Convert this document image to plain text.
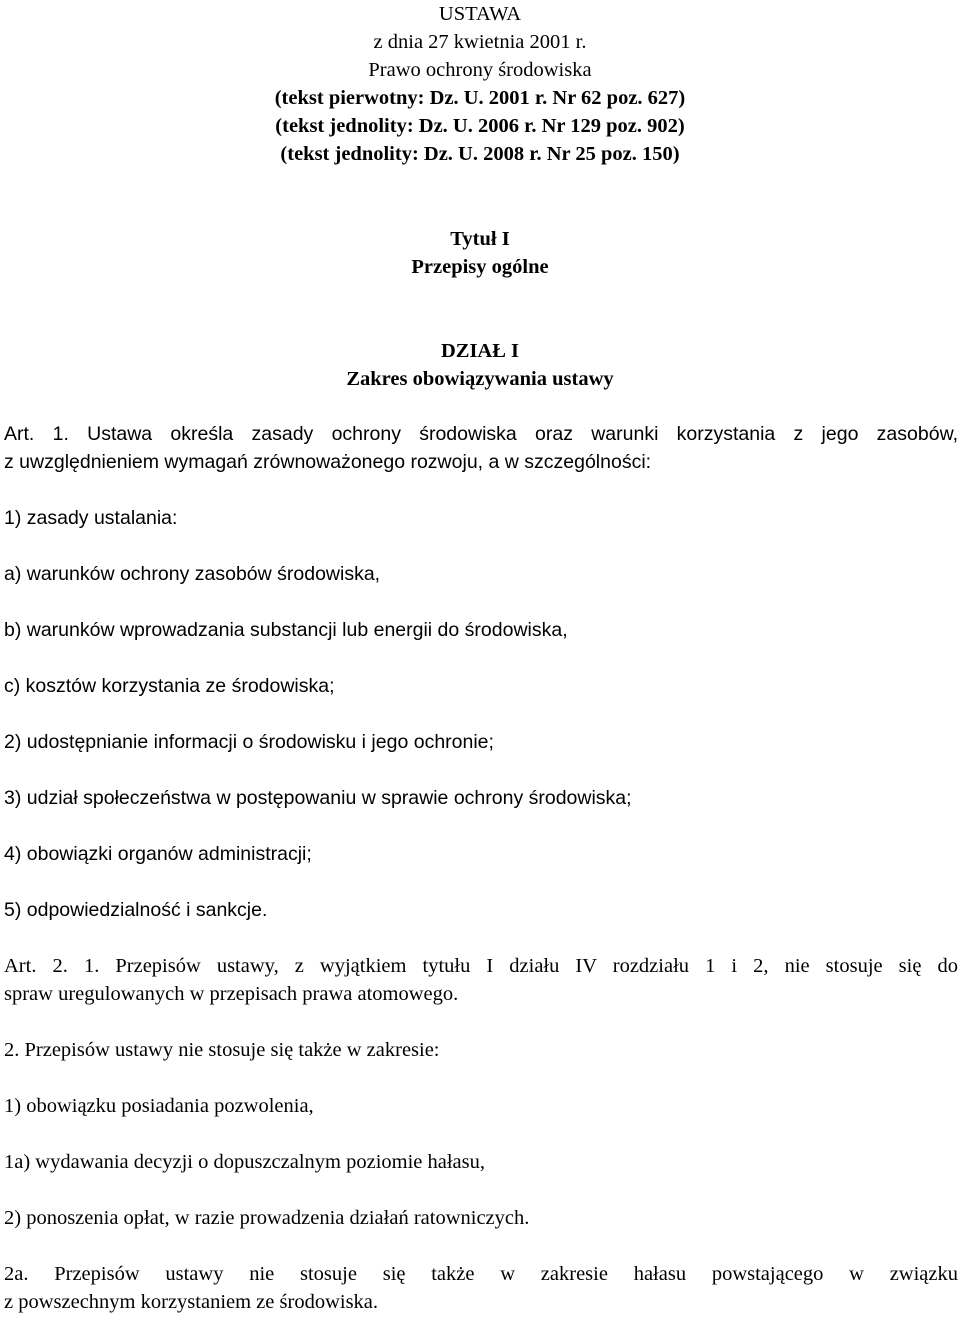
USTAWA
z dnia 27 kwietnia 2001 r.
Prawo ochrony środowiska
(tekst pierwotny: Dz. U. 2001 r. Nr 62 poz. 627)
(tekst jednolity: Dz. U. 2006 r. Nr 129 poz. 902)
(tekst jednolity: Dz. U. 2008 r. Nr 25 poz. 150)
Tytuł I
Przepisy ogólne
DZIAŁ I
Zakres obowiązywania ustawy
Art. 1. Ustawa określa zasady ochrony środowiska oraz warunki korzystania z jego zasobów,
z uwzględnieniem wymagań zrównoważonego rozwoju, a w szczególności:
1) zasady ustalania:
a) warunków ochrony zasobów środowiska,
b) warunków wprowadzania substancji lub energii do środowiska,
c) kosztów korzystania ze środowiska;
2) udostępnianie informacji o środowisku i jego ochronie;
3) udział społeczeństwa w postępowaniu w sprawie ochrony środowiska;
4) obowiązki organów administracji;
5) odpowiedzialność i sankcje.
Art. 2. 1. Przepisów ustawy, z wyjątkiem tytułu I działu IV rozdziału 1 i 2, nie stosuje się do
spraw uregulowanych w przepisach prawa atomowego.
2. Przepisów ustawy nie stosuje się także w zakresie:
1) obowiązku posiadania pozwolenia,
1a) wydawania decyzji o dopuszczalnym poziomie hałasu,
2) ponoszenia opłat, w razie prowadzenia działań ratowniczych.
2a. Przepisów ustawy nie stosuje się także w zakresie hałasu powstającego w związku
z powszechnym korzystaniem ze środowiska.
